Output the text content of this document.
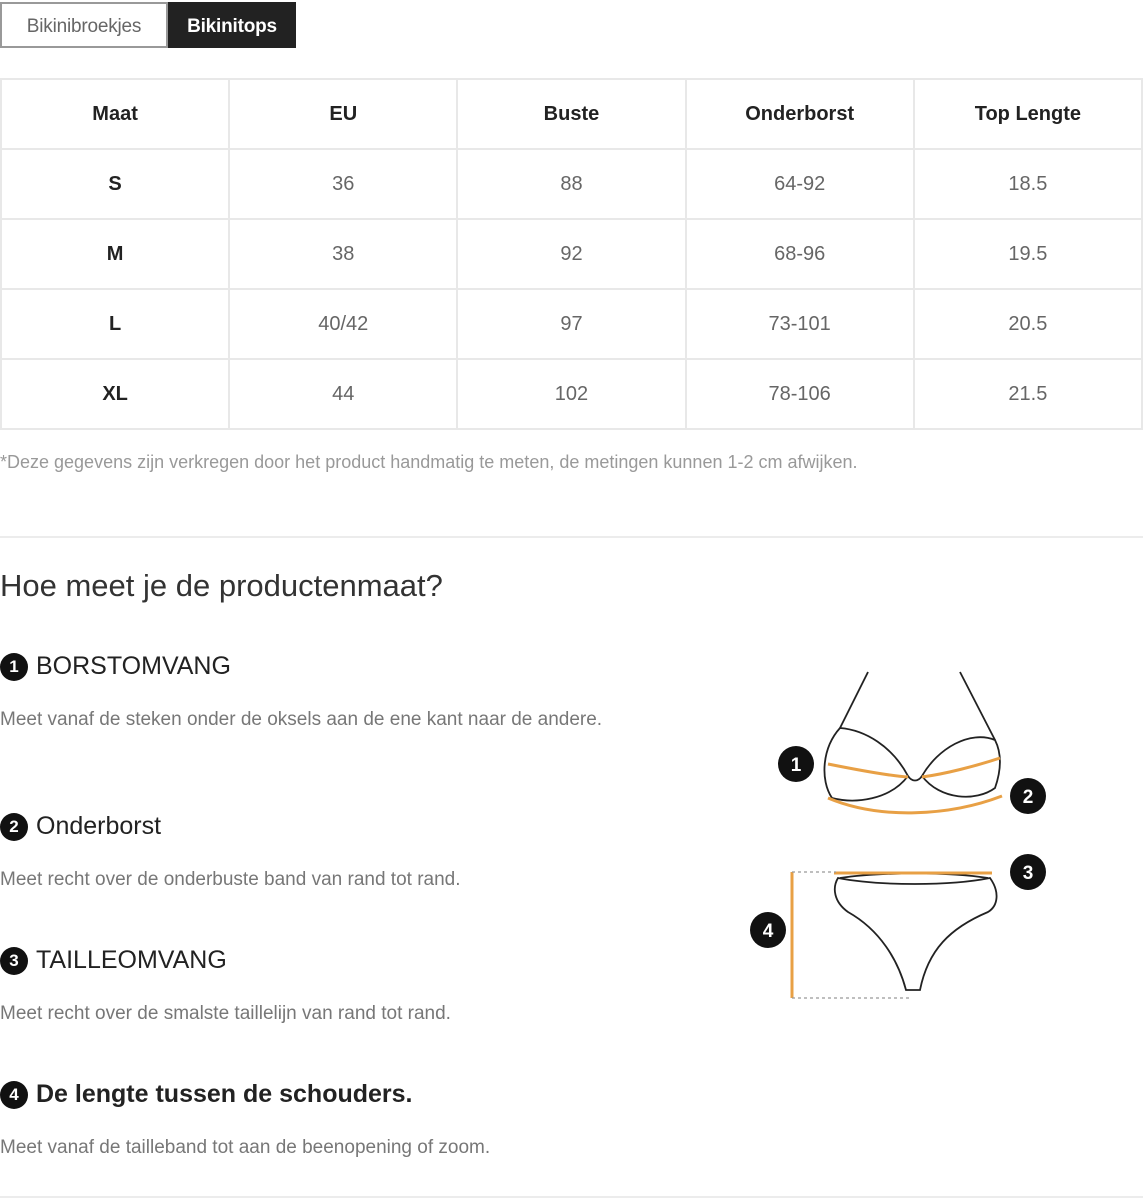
Bikinibroekjes	Bikinitops
Maat	EU	Buste	Onderborst	Top Lengte
S	36	88	64-92	18.5
M	38	92	68-96	19.5
L	40/42	97	73-101	20.5
XL	44	102	78-106	21.5
*Deze gegevens zijn verkregen door het product handmatig te meten, de metingen kunnen 1-2 cm afwijken.
Hoe meet je de productenmaat?
1 BORSTOMVANG
Meet vanaf de steken onder de oksels aan de ene kant naar de andere.
2 Onderborst
Meet recht over de onderbuste band van rand tot rand.
3 TAILLEOMVANG
Meet recht over de smalste taillelijn van rand tot rand.
4 De lengte tussen de schouders.
Meet vanaf de tailleband tot aan de beenopening of zoom.
1
2
3
4
